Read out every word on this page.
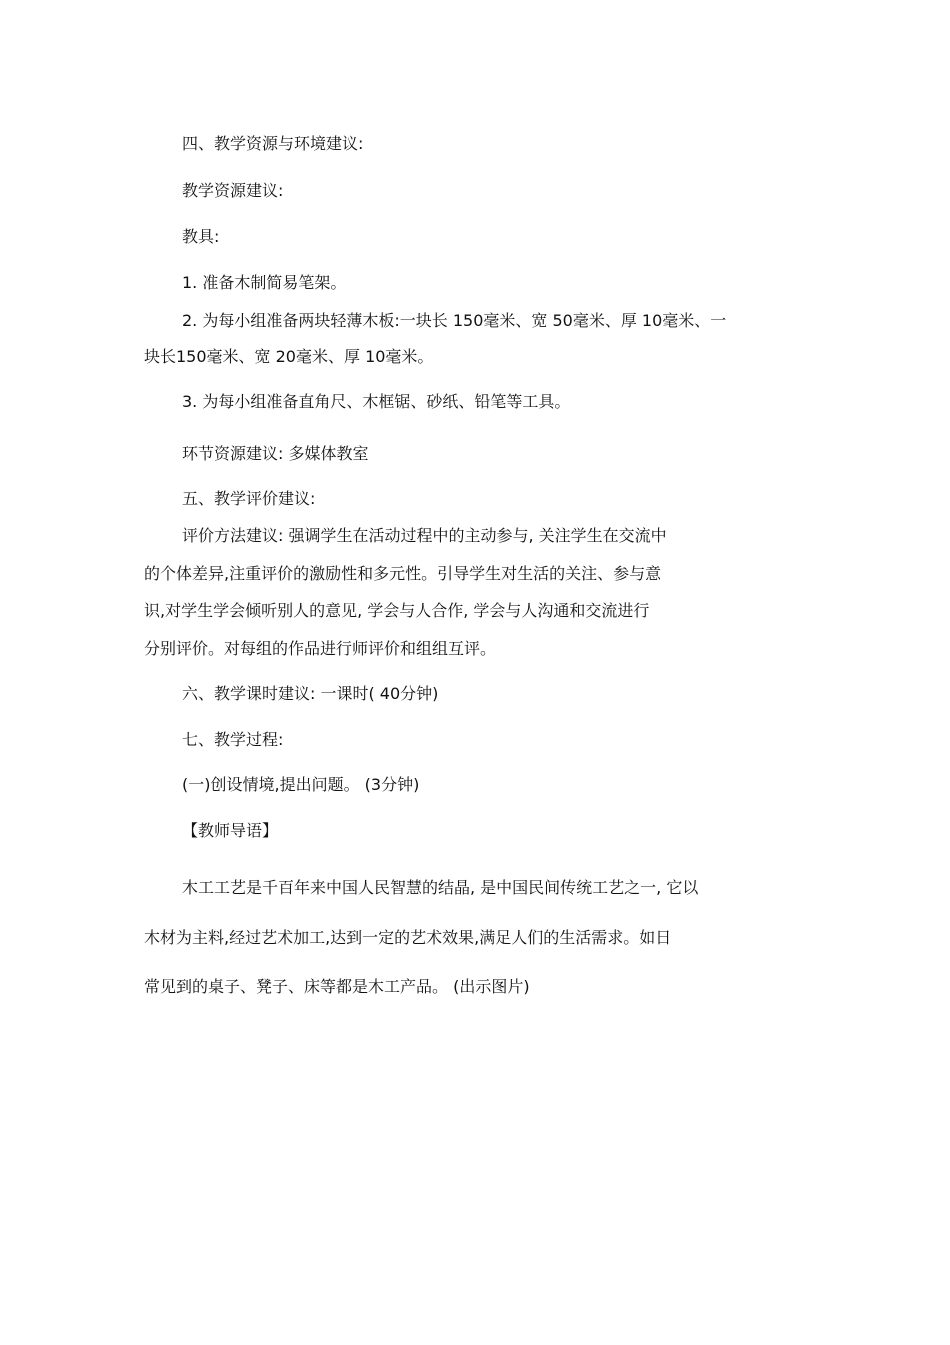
四、教学资源与环境建议:
教学资源建议:
教具:
1. 准备木制简易笔架。
2. 为每小组准备两块轻薄木板:一块长 150毫米、宽 50毫米、厚 10毫米、一
块长150毫米、宽 20毫米、厚 10毫米。
3. 为每小组准备直角尺、木框锯、砂纸、铅笔等工具。
环节资源建议: 多媒体教室
五、教学评价建议:
评价方法建议: 强调学生在活动过程中的主动参与, 关注学生在交流中
的个体差异,注重评价的激励性和多元性。引导学生对生活的关注、参与意
识,对学生学会倾听别人的意见, 学会与人合作, 学会与人沟通和交流进行
分别评价。对每组的作品进行师评价和组组互评。
六、教学课时建议: 一课时( 40分钟)
七、教学过程:
(一)创设情境,提出问题。 (3分钟)
【教师导语】
木工工艺是千百年来中国人民智慧的结晶, 是中国民间传统工艺之一, 它以
木材为主料,经过艺术加工,达到一定的艺术效果,满足人们的生活需求。如日
常见到的桌子、凳子、床等都是木工产品。 (出示图片)
